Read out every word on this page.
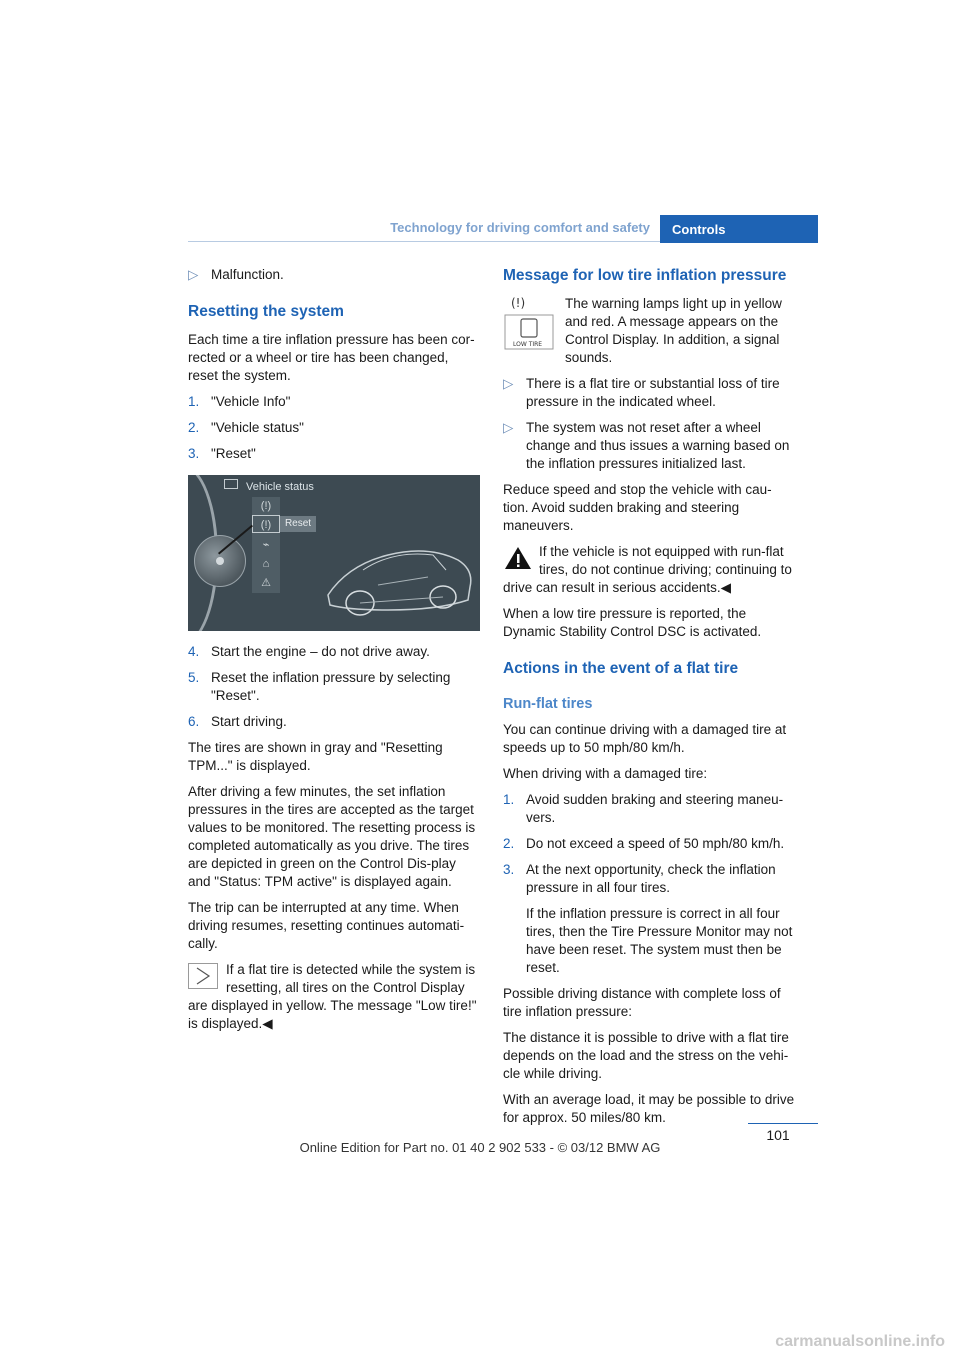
Technology for driving comfort and safety	Controls
▷ Malfunction.
Resetting the system

Each time a tire inflation pressure has been cor-rected or a wheel or tire has been changed, reset the system.

1. "Vehicle Info"
2. "Vehicle status"
3. "Reset"
Vehicle status
(!)
(!)
⌁
⌂
⚠
Reset
4. Start the engine – do not drive away.
5. Reset the inflation pressure by selecting "Reset".
6. Start driving.

The tires are shown in gray and "Resetting TPM..." is displayed.

After driving a few minutes, the set inflation pressures in the tires are accepted as the target values to be monitored. The resetting process is completed automatically as you drive. The tires are depicted in green on the Control Dis-play and "Status: TPM active" is displayed again.

The trip can be interrupted at any time. When driving resumes, resetting continues automati-cally.

If a flat tire is detected while the system is resetting, all tires on the Control Display are displayed in yellow. The message "Low tire!" is displayed.◀

Message for low tire inflation pressure

(!)
LOW TIRE
The warning lamps light up in yellow and red. A message appears on the Control Display. In addition, a signal sounds.

▷ There is a flat tire or substantial loss of tire pressure in the indicated wheel.
▷ The system was not reset after a wheel change and thus issues a warning based on the inflation pressures initialized last.

Reduce speed and stop the vehicle with cau-tion. Avoid sudden braking and steering maneuvers.

If the vehicle is not equipped with run-flat tires, do not continue driving; continuing to drive can result in serious accidents.◀

When a low tire pressure is reported, the Dynamic Stability Control DSC is activated.

Actions in the event of a flat tire
Run-flat tires

You can continue driving with a damaged tire at speeds up to 50 mph/80 km/h.

When driving with a damaged tire:

1. Avoid sudden braking and steering maneu-vers.
2. Do not exceed a speed of 50 mph/80 km/h.
3. At the next opportunity, check the inflation pressure in all four tires.

If the inflation pressure is correct in all four tires, then the Tire Pressure Monitor may not have been reset. The system must then be reset.

Possible driving distance with complete loss of tire inflation pressure:

The distance it is possible to drive with a flat tire depends on the load and the stress on the vehi-cle while driving.

With an average load, it may be possible to drive for approx. 50 miles/80 km.

101
Online Edition for Part no. 01 40 2 902 533 - © 03/12 BMW AG
carmanualsonline.info
